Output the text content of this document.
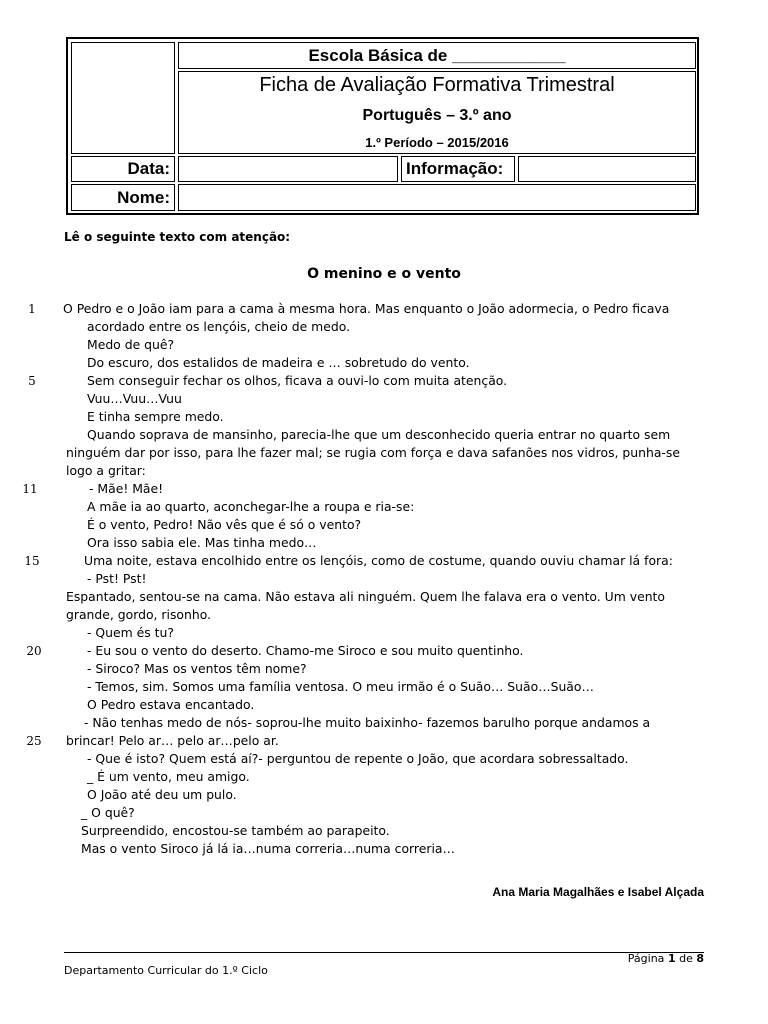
Escola Básica de ____________
Ficha de Avaliação Formativa Trimestral
Português – 3.º ano
1.º Período – 2015/2016
Data:	Informação:
Nome:
Lê o seguinte texto com atenção:
O menino e o vento
1	O Pedro e o João iam para a cama à mesma hora. Mas enquanto o João adormecia, o Pedro ficava
acordado entre os lençóis, cheio de medo.
Medo de quê?
Do escuro, dos estalidos de madeira e … sobretudo do vento.
5	Sem conseguir fechar os olhos, ficava a ouvi-lo com muita atenção.
Vuu…Vuu…Vuu
E tinha sempre medo.
Quando soprava de mansinho, parecia-lhe que um desconhecido queria entrar no quarto sem
ninguém dar por isso, para lhe fazer mal; se rugia com força e dava safanões nos vidros, punha-se
logo a gritar:
11	- Mãe! Mãe!
A mãe ia ao quarto, aconchegar-lhe a roupa e ria-se:
É o vento, Pedro! Não vês que é só o vento?
Ora isso sabia ele. Mas tinha medo…
15	Uma noite, estava encolhido entre os lençóis, como de costume, quando ouviu chamar lá fora:
- Pst! Pst!
Espantado, sentou-se na cama. Não estava ali ninguém. Quem lhe falava era o vento. Um vento
grande, gordo, risonho.
- Quem és tu?
20	- Eu sou o vento do deserto. Chamo-me Siroco e sou muito quentinho.
- Siroco? Mas os ventos têm nome?
- Temos, sim. Somos uma família ventosa. O meu irmão é o Suão… Suão…Suão…
O Pedro estava encantado.
- Não tenhas medo de nós- soprou-lhe muito baixinho- fazemos barulho porque andamos a
25	brincar! Pelo ar… pelo ar…pelo ar.
- Que é isto? Quem está aí?- perguntou de repente o João, que acordara sobressaltado.
_ É um vento, meu amigo.
O João até deu um pulo.
_ O quê?
Surpreendido, encostou-se também ao parapeito.
Mas o vento Siroco já lá ia…numa correria…numa correria…
Ana Maria Magalhães e Isabel Alçada
Página 1 de 8
Departamento Curricular do 1.º Ciclo
